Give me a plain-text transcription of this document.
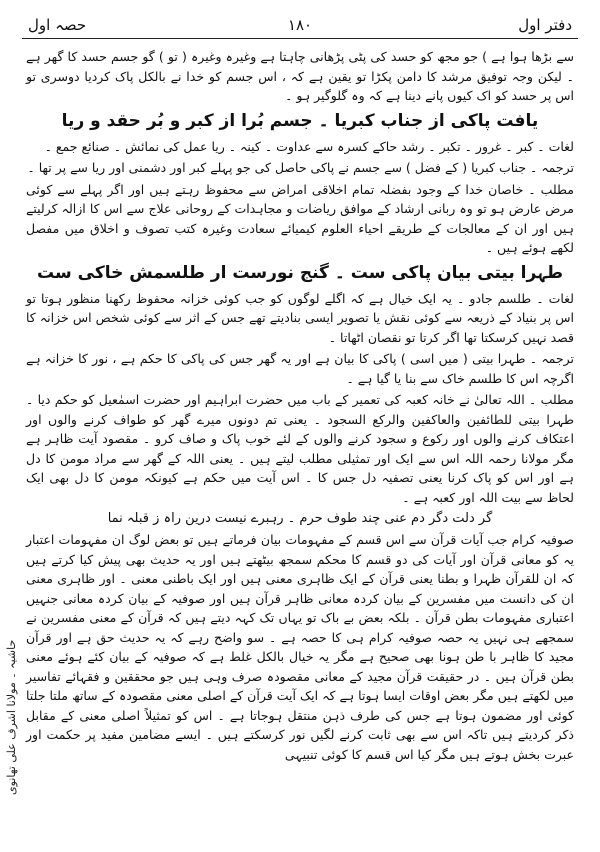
حصہ اول	۱۸۰	دفتر اول

سے بڑھا ہوا ہے ) جو مجھ کو حسد کی پٹی پڑھانی چاہتا ہے وغیرہ وغیرہ ( تو ) گو جسم حسد کا گھر ہے ۔ لیکن وجہ توفیق مرشد کا دامن پکڑا تو یقین ہے کہ ، اس جسم کو خدا نے بالکل پاک کردیا دوسری تو اس پر حسد کو اک کیوں پانے دینا ہے کہ وہ گلوگیر ہو ۔

یافت پاکی از جناب کبریا ۔ جسم بُرا از کبر و بُر حقد و ریا

لغات ۔ کبر ۔ غرور ۔ تکبر ۔ رشد حاکے کسرہ سے عداوت ۔ کینہ ۔ ریا عمل کی نمائش ۔ صنائع جمع ۔

ترجمہ ۔ جناب کبریا ( کے فضل ) سے جسم نے پاکی حاصل کی جو پہلے کبر اور دشمنی اور ریا سے پر تھا ۔

مطلب ۔ خاصان خدا کے وجود بفضلہ تمام اخلاقی امراض سے محفوظ رہتے ہیں اور اگر پہلے سے کوئی مرض عارض ہو تو وہ ربانی ارشاد کے موافق ریاضات و مجاہدات کے روحانی علاج سے اس کا ازالہ کرلیتے ہیں اور ان کے معالجات کے طریقے احیاء العلوم کیمیائے سعادت وغیرہ کتب تصوف و اخلاق میں مفصل لکھے ہوئے ہیں ۔

طہرا بیتی بیان پاکی ست ۔ گنج نورست ار طلسمش خاکی ست

لغات ۔ طلسم جادو ۔ یہ ایک خیال ہے کہ اگلے لوگوں کو جب کوئی خزانہ محفوظ رکھنا منظور ہوتا تو اس پر بنیاد کے ذریعہ سے کوئی نقش یا تصویر ایسی بنادیتے تھے جس کے اثر سے کوئی شخص اس خزانہ کا قصد نہیں کرسکتا تھا اگر کرتا تو نقصان اٹھاتا ۔

ترجمہ ۔ طہرا بیتی ( میں اسی ) پاکی کا بیان ہے اور یہ گھر جس کی پاکی کا حکم ہے ، نور کا خزانہ ہے اگرچہ اس کا طلسم خاک سے بنا یا گیا ہے ۔

مطلب ۔ اللہ تعالیٰ نے خانہ کعبہ کی تعمیر کے باب میں حضرت ابراہیم اور حضرت اسمٰعیل کو حکم دیا ۔ طہرا بیتی للطائفین والعاکفین والرکع السجود ۔ یعنی تم دونوں میرے گھر کو طواف کرنے والوں اور اعتکاف کرنے والوں اور رکوع و سجود کرنے والوں کے لئے خوب پاک و صاف کرو ۔ مقصود آیت ظاہر ہے مگر مولانا رحمہ اللہ اس سے ایک اور تمثیلی مطلب لیتے ہیں ۔ یعنی اللہ کے گھر سے مراد مومن کا دل ہے اور اس کو پاک کرنا یعنی تصفیہ دل جس کا ۔ اس آیت میں حکم ہے کیونکہ مومن کا دل بھی ایک لحاظ سے بیت اللہ اور کعبہ ہے ۔

گر دلت دگر دم عنی چند طوف حرم ۔ رہبرے نیست درین راہ ز قبلہ نما

صوفیہ کرام جب آیات قرآن سے اس قسم کے مفہومات بیان فرماتے ہیں تو بعض لوگ ان مفہومات اعتبار یہ کو معانی قرآن اور آیات کی دو قسم کا محکم سمجھ بیٹھتے ہیں اور یہ حدیث بھی پیش کیا کرتے ہیں کہ ان للقرآن ظہرا و بطنا یعنی قرآن کے ایک ظاہری معنی ہیں اور ایک باطنی معنی ۔ اور ظاہری معنی ان کی دانست میں مفسرین کے بیان کردہ معانی ظاہر قرآن ہیں اور صوفیہ کے بیان کردہ معانی جنہیں اعتباری مفہومات بطن قرآن ۔ بلکہ بعض بے باک تو یہاں تک کہہ دیتے ہیں کہ قرآن کے معنی مفسرین نے سمجھے ہی نہیں یہ حصہ صوفیہ کرام ہی کا حصہ ہے ۔ سو واضح رہے کہ یہ حدیث حق ہے اور قرآن مجید کا ظاہر با طن ہونا بھی صحیح ہے مگر یہ خیال بالکل غلط ہے کہ صوفیہ کے بیان کئے ہوئے معنی بطن قرآن ہیں ۔ در حقیقت قرآن مجید کے معانی مقصودہ صرف وہی ہیں جو محققین و فقہائے تفاسیر میں لکھتے ہیں مگر بعض اوقات ایسا ہوتا ہے کہ ایک آیت قرآن کے اصلی معنی مقصودہ کے ساتھ ملتا جلتا کوئی اور مضمون ہوتا ہے جس کی طرف ذہن منتقل ہوجاتا ہے ۔ اس کو تمثیلاً اصلی معنی کے مقابل ذکر کردیتے ہیں تاکہ اس سے بھی ثابت کرنے لگیں نور کرسکتے ہیں ۔ ایسے مضامین مفید پر حکمت اور عبرت بخش ہوتے ہیں مگر کیا اس قسم کا کوئی تنبیہی

حاشیہ ۔ مولانا اشرف علی تھانوی
